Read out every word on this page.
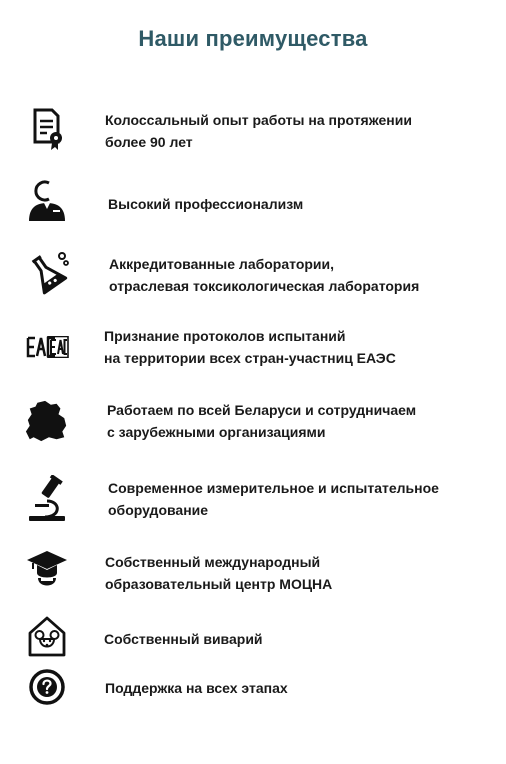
Наши преимущества
Колоссальный опыт работы на протяжении
более 90 лет
Высокий профессионализм
Аккредитованные лаборатории,
отраслевая токсикологическая лаборатория
Признание протоколов испытаний
на территории всех стран-участниц ЕАЭС
Работаем по всей Беларуси и сотрудничаем
с зарубежными организациями
Современное измерительное и испытательное
оборудование
Собственный международный
образовательный центр МОЦНА
Собственный виварий
Поддержка на всех этапах
